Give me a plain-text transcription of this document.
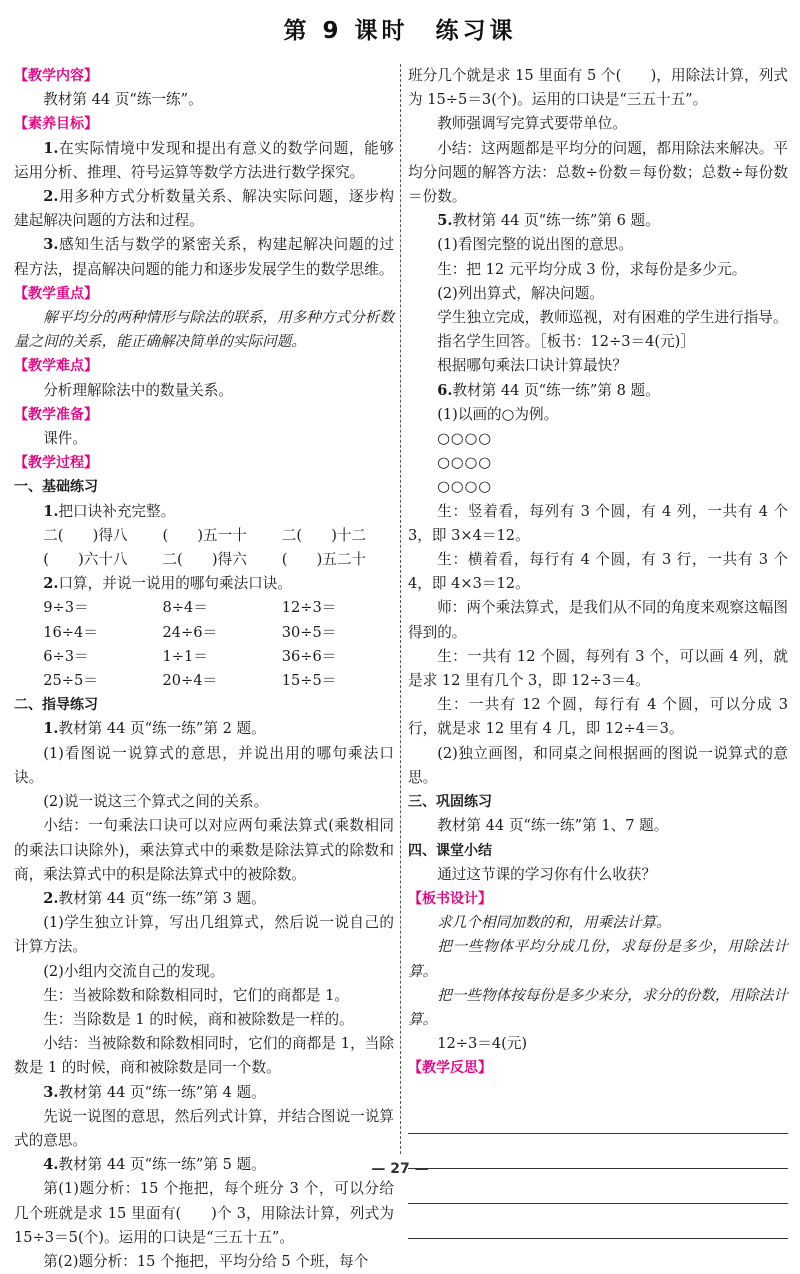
第 9 课时　练习课

【教学内容】

教材第 44 页“练一练”。

【素养目标】

1.在实际情境中发现和提出有意义的数学问题，能够运用分析、推理、符号运算等数学方法进行数学探究。

2.用多种方式分析数量关系、解决实际问题，逐步构建起解决问题的方法和过程。

3.感知生活与数学的紧密关系，构建起解决问题的过程方法，提高解决问题的能力和逐步发展学生的数学思维。

【教学重点】

解平均分的两种情形与除法的联系，用多种方式分析数量之间的关系，能正确解决简单的实际问题。

【教学难点】

分析理解除法中的数量关系。

【教学准备】

课件。

【教学过程】

一、基础练习

1.把口诀补充完整。

二(　　)得八	(　　)五一十	二(　　)十二
(　　)六十八	二(　　)得六	(　　)五二十

2.口算，并说一说用的哪句乘法口诀。

9÷3＝	8÷4＝	12÷3＝
16÷4＝	24÷6＝	30÷5＝
6÷3＝	1÷1＝	36÷6＝
25÷5＝	20÷4＝	15÷5＝

二、指导练习

1.教材第 44 页“练一练”第 2 题。

(1)看图说一说算式的意思，并说出用的哪句乘法口诀。

(2)说一说这三个算式之间的关系。

小结：一句乘法口诀可以对应两句乘法算式(乘数相同的乘法口诀除外)，乘法算式中的乘数是除法算式的除数和商，乘法算式中的积是除法算式中的被除数。

2.教材第 44 页“练一练”第 3 题。

(1)学生独立计算，写出几组算式，然后说一说自己的计算方法。

(2)小组内交流自己的发现。

生：当被除数和除数相同时，它们的商都是 1。

生：当除数是 1 的时候，商和被除数是一样的。

小结：当被除数和除数相同时，它们的商都是 1，当除数是 1 的时候，商和被除数是同一个数。

3.教材第 44 页“练一练”第 4 题。

先说一说图的意思，然后列式计算，并结合图说一说算式的意思。

4.教材第 44 页“练一练”第 5 题。

第(1)题分析：15 个拖把，每个班分 3 个，可以分给几个班就是求 15 里面有(　　)个 3，用除法计算，列式为 15÷3＝5(个)。运用的口诀是“三五十五”。

第(2)题分析：15 个拖把，平均分给 5 个班，每个

班分几个就是求 15 里面有 5 个(　　)，用除法计算，列式为 15÷5＝3(个)。运用的口诀是“三五十五”。

教师强调写完算式要带单位。

小结：这两题都是平均分的问题，都用除法来解决。平均分问题的解答方法：总数÷份数＝每份数；总数÷每份数＝份数。

5.教材第 44 页“练一练”第 6 题。

(1)看图完整的说出图的意思。

生：把 12 元平均分成 3 份，求每份是多少元。

(2)列出算式，解决问题。

学生独立完成，教师巡视，对有困难的学生进行指导。

指名学生回答。［板书：12÷3＝4(元)］

根据哪句乘法口诀计算最快？

6.教材第 44 页“练一练”第 8 题。

(1)以画的○为例。

○○○○

○○○○

○○○○

生：竖着看，每列有 3 个圆，有 4 列，一共有 4 个 3，即 3×4＝12。

生：横着看，每行有 4 个圆，有 3 行，一共有 3 个 4，即 4×3＝12。

师：两个乘法算式，是我们从不同的角度来观察这幅图得到的。

生：一共有 12 个圆，每列有 3 个，可以画 4 列，就是求 12 里有几个 3，即 12÷3＝4。

生：一共有 12 个圆，每行有 4 个圆，可以分成 3 行，就是求 12 里有 4 几，即 12÷4＝3。

(2)独立画图，和同桌之间根据画的图说一说算式的意思。

三、巩固练习

教材第 44 页“练一练”第 1、7 题。

四、课堂小结

通过这节课的学习你有什么收获？

【板书设计】

求几个相同加数的和，用乘法计算。

把一些物体平均分成几份，求每份是多少，用除法计算。

把一些物体按每份是多少来分，求分的份数，用除法计算。

12÷3＝4(元)

【教学反思】

— 27 —
